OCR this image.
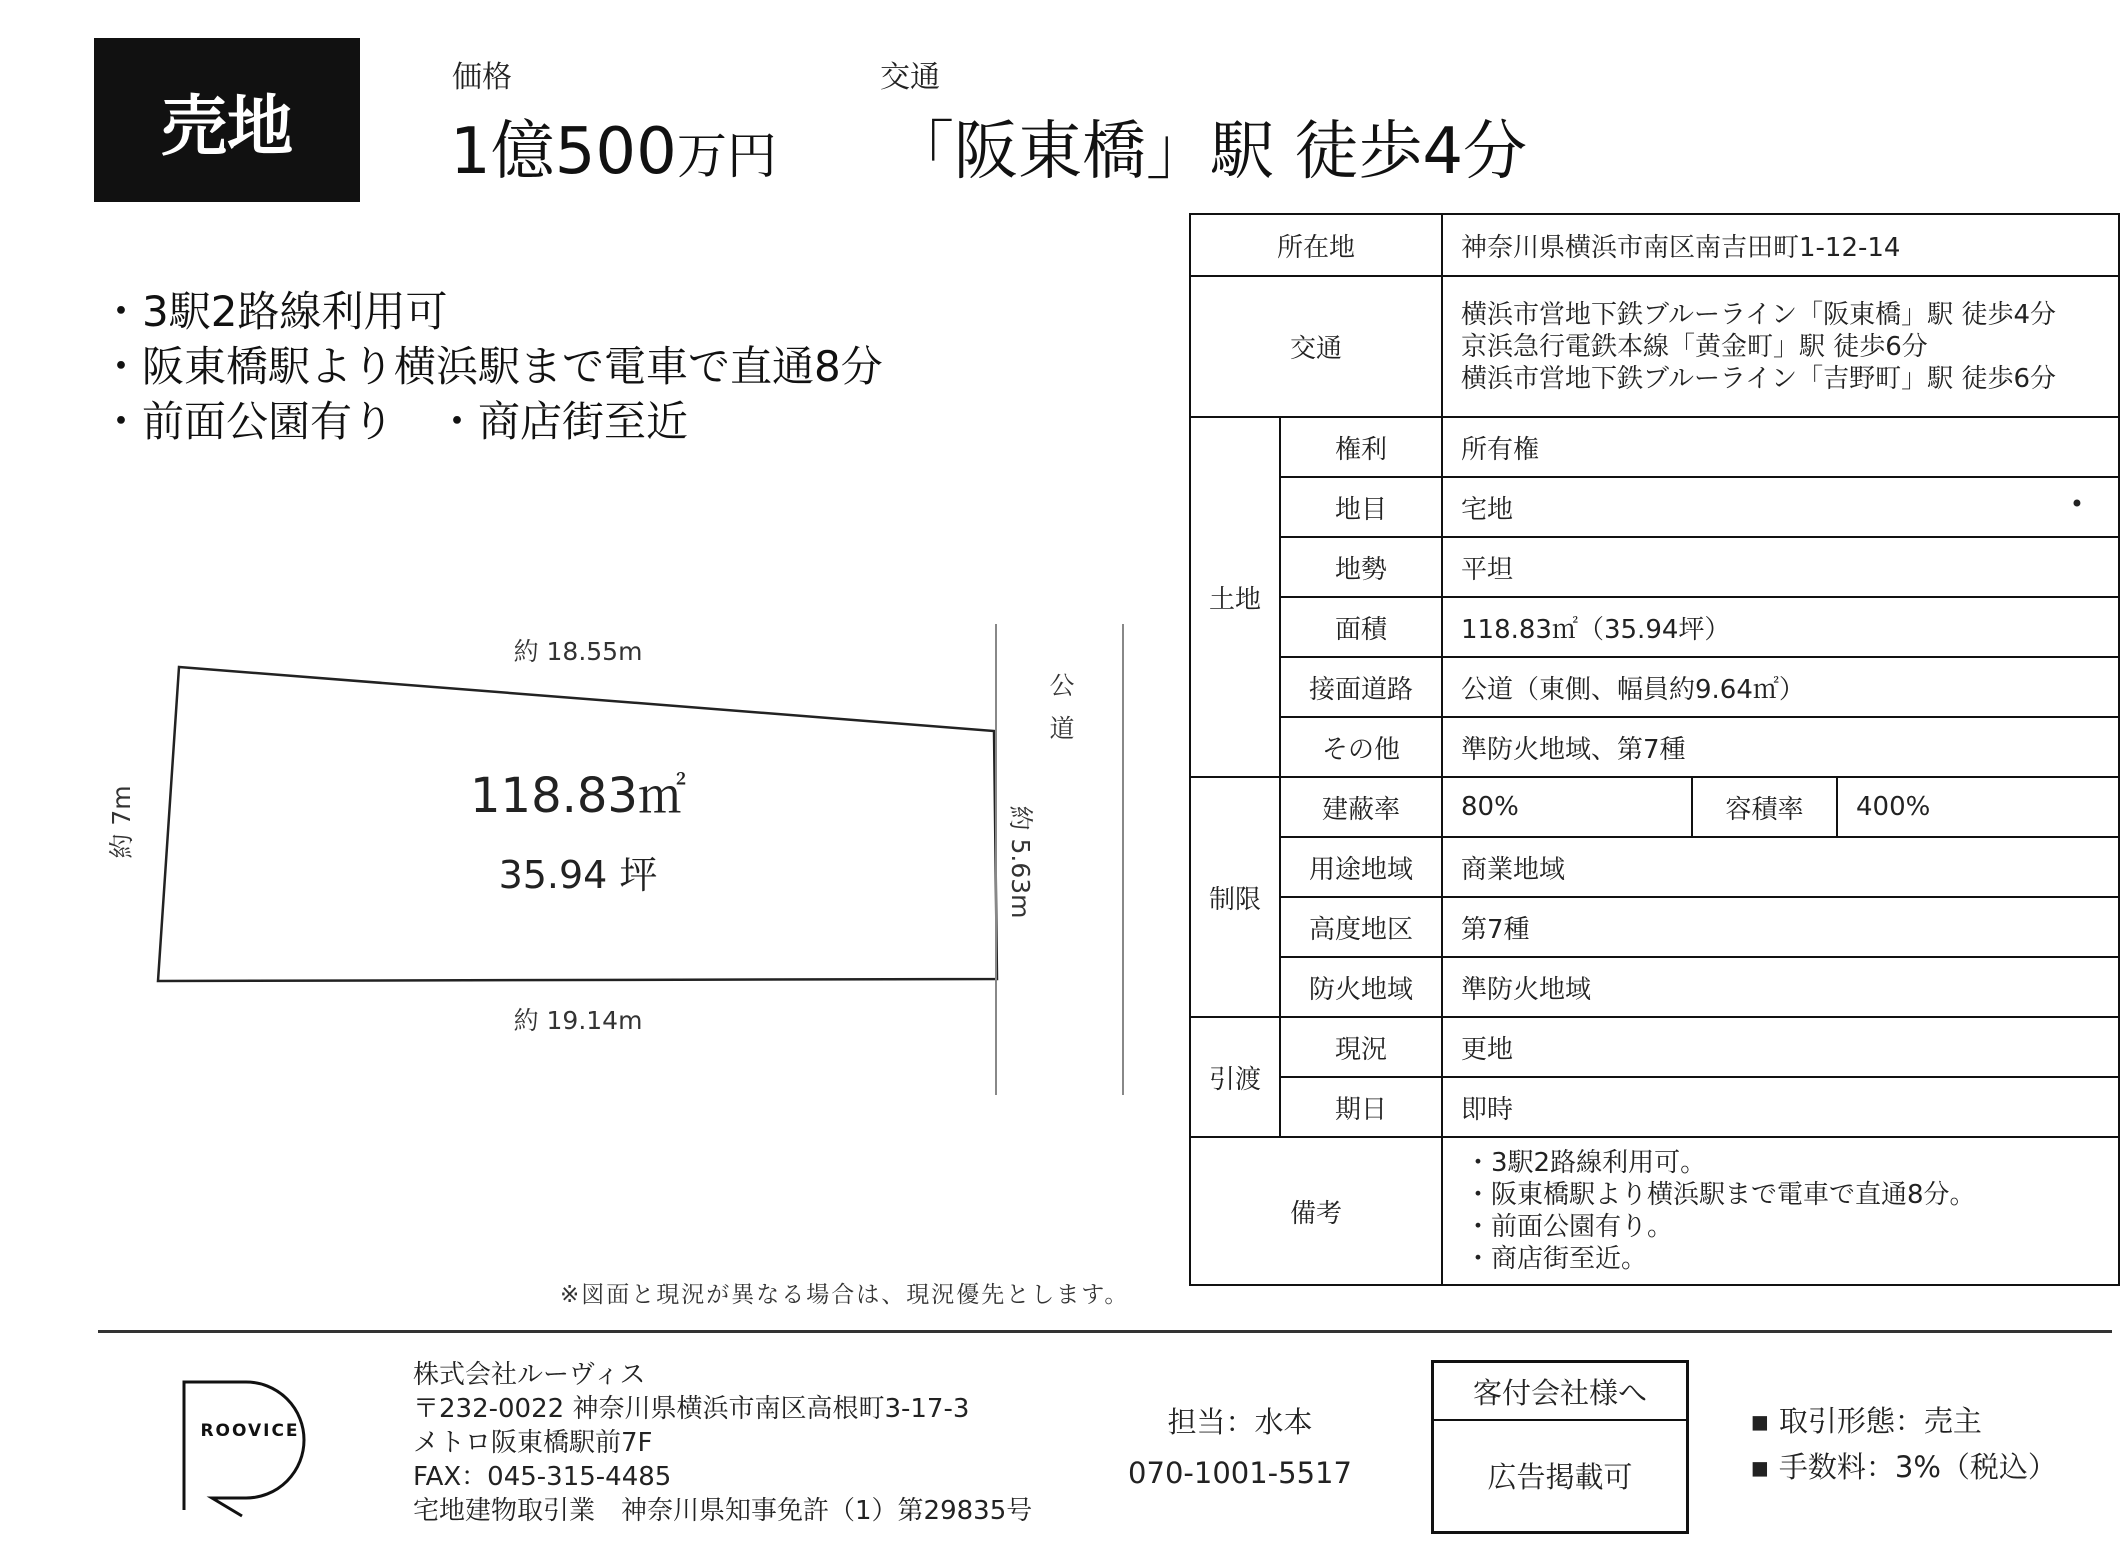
売地
価格
1億500万円
交通
「阪東橋」駅 徒歩4分
・3駅2路線利用可
・阪東橋駅より横浜駅まで電車で直通8分
・前面公園有り　・商店街至近
約 18.55m
約 19.14m
約 7m	約 5.63m
118.83㎡
35.94 坪
公
道
所在地		神奈川県横浜市南区南吉田町1-12-14		
交通		横浜市営地下鉄ブルーライン「阪東橋」駅 徒歩4分
京浜急行電鉄本線「黄金町」駅 徒歩6分
横浜市営地下鉄ブルーライン「吉野町」駅 徒歩6分		

土地	権利	所有権		
	地目	宅地 •		

	地勢	平坦		
	面積	118.83㎡（35.94坪）		
	接面道路	公道（東側、幅員約9.64㎡）		
	その他	準防火地域、第7種		
制限	建蔽率	80%	容積率	400%
	用途地域	商業地域		
	高度地区	第7種		
	防火地域	準防火地域		
引渡	現況	更地		
	期日	即時		
備考		・3駅2路線利用可。
・阪東橋駅より横浜駅まで電車で直通8分。
・前面公園有り。
・商店街至近。		
※図面と現況が異なる場合は、現況優先とします。
ROOVICE
株式会社ルーヴィス
〒232-0022 神奈川県横浜市南区高根町3-17-3
メトロ阪東橋駅前7F
FAX：045-315-4485
宅地建物取引業　神奈川県知事免許（1）第29835号
担当：水本
070-1001-5517
客付会社様へ
広告掲載可
▪ 取引形態：売主
▪ 手数料：3%（税込）
